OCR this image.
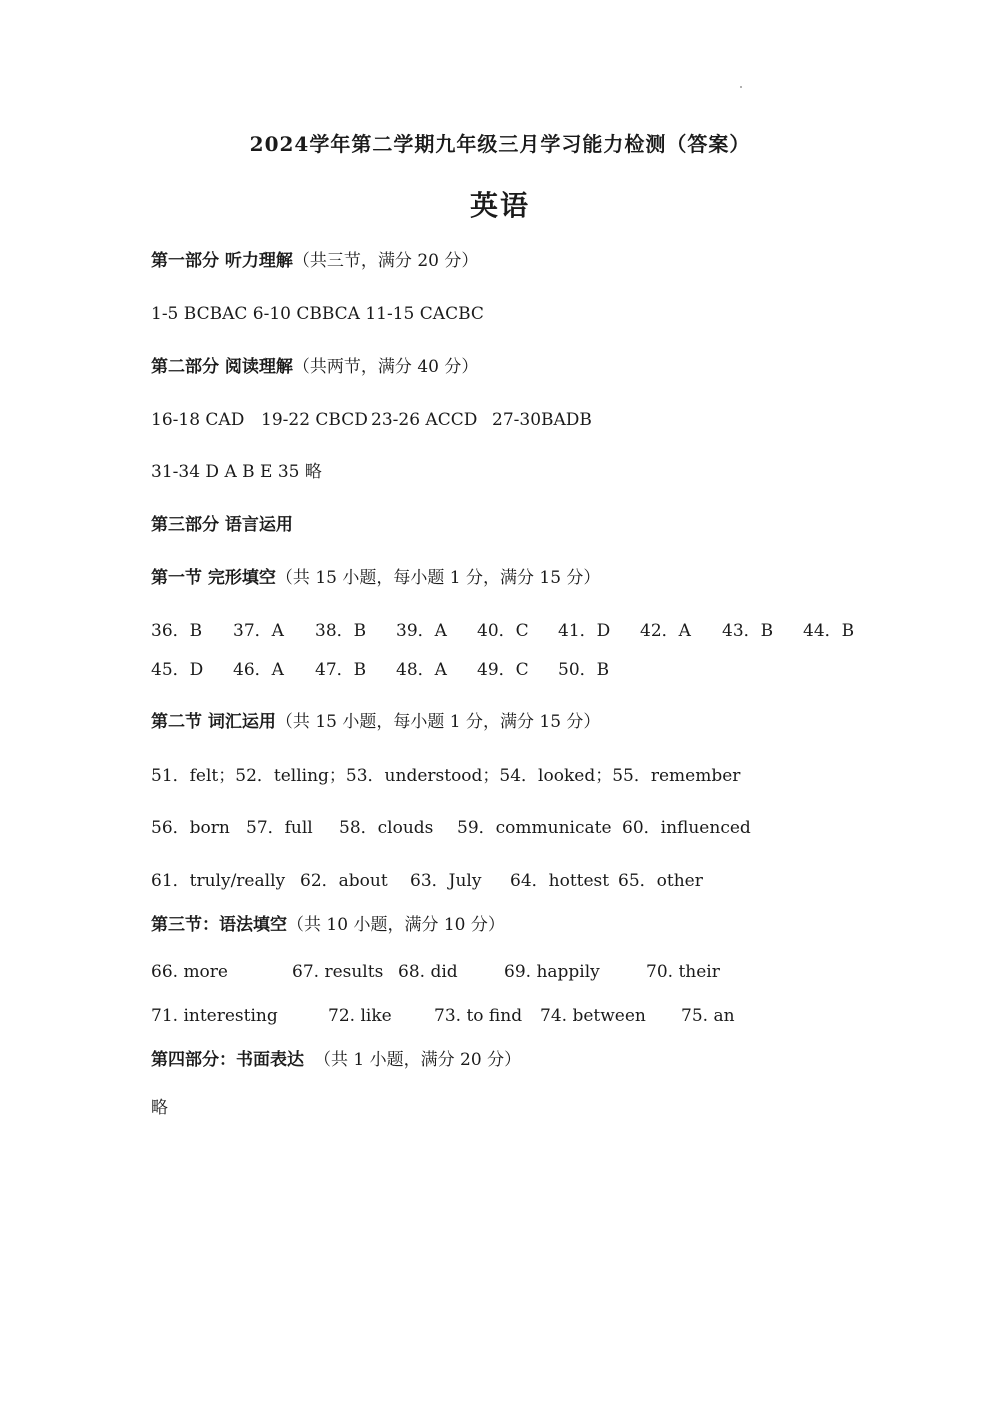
2024学年第二学期九年级三月学习能力检测（答案）
英语
第一部分 听力理解（共三节，满分 20 分）
1-5 BCBAC 6-10 CBBCA 11-15 CACBC
第二部分 阅读理解（共两节，满分 40 分）
16-18 CAD 19-22 CBCD 23-26 ACCD 27-30BADB
31-34 D A B E 35 略
第三部分 语言运用
第一节 完形填空（共 15 小题，每小题 1 分，满分 15 分）
36．B 37．A 38．B 39．A 40．C 41．D 42．A 43．B 44．B
45．D 46．A 47．B 48．A 49．C 50．B
第二节 词汇运用（共 15 小题，每小题 1 分，满分 15 分）
51．felt；52．telling；53．understood；54．looked；55．remember
56．born 57．full 58．clouds 59．communicate 60．influenced
61．truly/really 62．about 63．July 64．hottest 65．other
第三节：语法填空（共 10 小题，满分 10 分）
66. more	67. results 68. did	69. happily	70. their
71. interesting	72. like 73. to find 74. between 75. an
第四部分：书面表达 （共 1 小题，满分 20 分）
略
